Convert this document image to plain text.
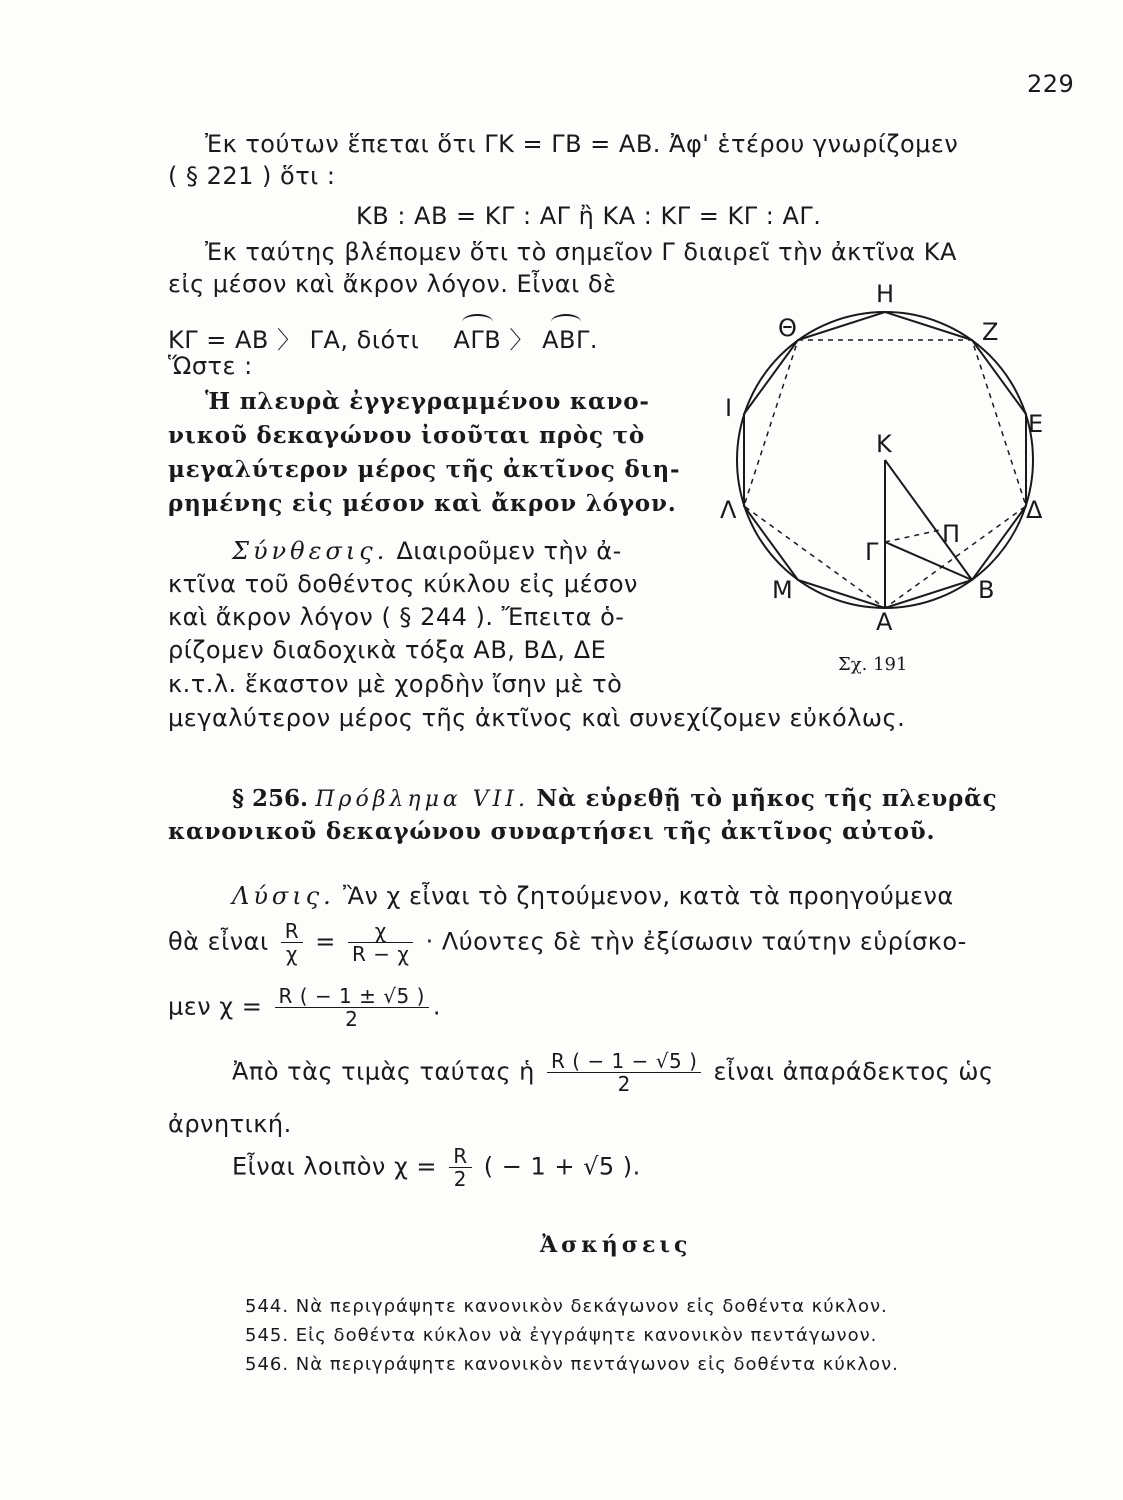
229
Ἐκ τούτων ἕπεται ὅτι ΓΚ = ΓΒ = ΑΒ. Ἀφ' ἑτέρου γνωρίζομεν
( § 221 ) ὅτι :
ΚΒ : ΑΒ = ΚΓ : ΑΓ ἢ ΚΑ : ΚΓ = ΚΓ : ΑΓ.
Ἐκ ταύτης βλέπομεν ὅτι τὸ σημεῖον Γ διαιρεῖ τὴν ἀκτῖνα ΚΑ
εἰς μέσον καὶ ἄκρον λόγον. Εἶναι δὲ
ΚΓ = ΑΒ 〉 ΓΑ, διότι ΑΓΒ 〉 ΑΒΓ.
Ὥστε :
Ἡ πλευρὰ ἐγγεγραμμένου κανο-
νικοῦ δεκαγώνου ἰσοῦται πρὸς τὸ
μεγαλύτερον μέρος τῆς ἀκτῖνος διη-
ρημένης εἰς μέσον καὶ ἄκρον λόγον.
Σύνθεσις. Διαιροῦμεν τὴν ἀ-
κτῖνα τοῦ δοθέντος κύκλου εἰς μέσον
καὶ ἄκρον λόγον ( § 244 ). Ἔπειτα ὁ-
ρίζομεν διαδοχικὰ τόξα ΑΒ, ΒΔ, ΔΕ
κ.τ.λ. ἕκαστον μὲ χορδὴν ἴσην μὲ τὸ
μεγαλύτερον μέρος τῆς ἀκτῖνος καὶ συνεχίζομεν εὐκόλως.
Η
Θ	Ζ
Ι
Ε
Κ
Λ	Δ
Γ
Π
Μ	Β
Α
Σχ. 191
§ 256. Πρόβλημα VII. Νὰ εὑρεθῇ τὸ μῆκος τῆς πλευρᾶς
κανονικοῦ δεκαγώνου συναρτήσει τῆς ἀκτῖνος αὐτοῦ.
Λύσις. Ἂν χ εἶναι τὸ ζητούμενον, κατὰ τὰ προηγούμενα
θὰ εἶναι $\frac{R}{\chi} = \frac{\chi}{R - \chi} \cdot \Lambda ύo\nu\tau\varepsilon\varsigma$ δὲ τὴν ἐξίσωσιν ταύτην εὑρίσκο-
μεν $\chi = \frac{R ( - 1 \pm √5 )}{2}$ .
Ἀπὸ τὰς τιμὰς ταύτας ἡ $\frac{R ( - 1 - √5 )}{2}$ εἶναι ἀπαράδεκτος ὡς
ἀρνητική.
Εἶναι λοιπὸν $\chi = \frac{R}{2}$ ( − 1 + √5 ).
Ἀσκήσεις
544. Νὰ περιγράψητε κανονικὸν δεκάγωνον εἰς δοθέντα κύκλον.
545. Εἰς δοθέντα κύκλον νὰ ἐγγράψητε κανονικὸν πεντάγωνον.
546. Νὰ περιγράψητε κανονικὸν πεντάγωνον εἰς δοθέντα κύκλον.
